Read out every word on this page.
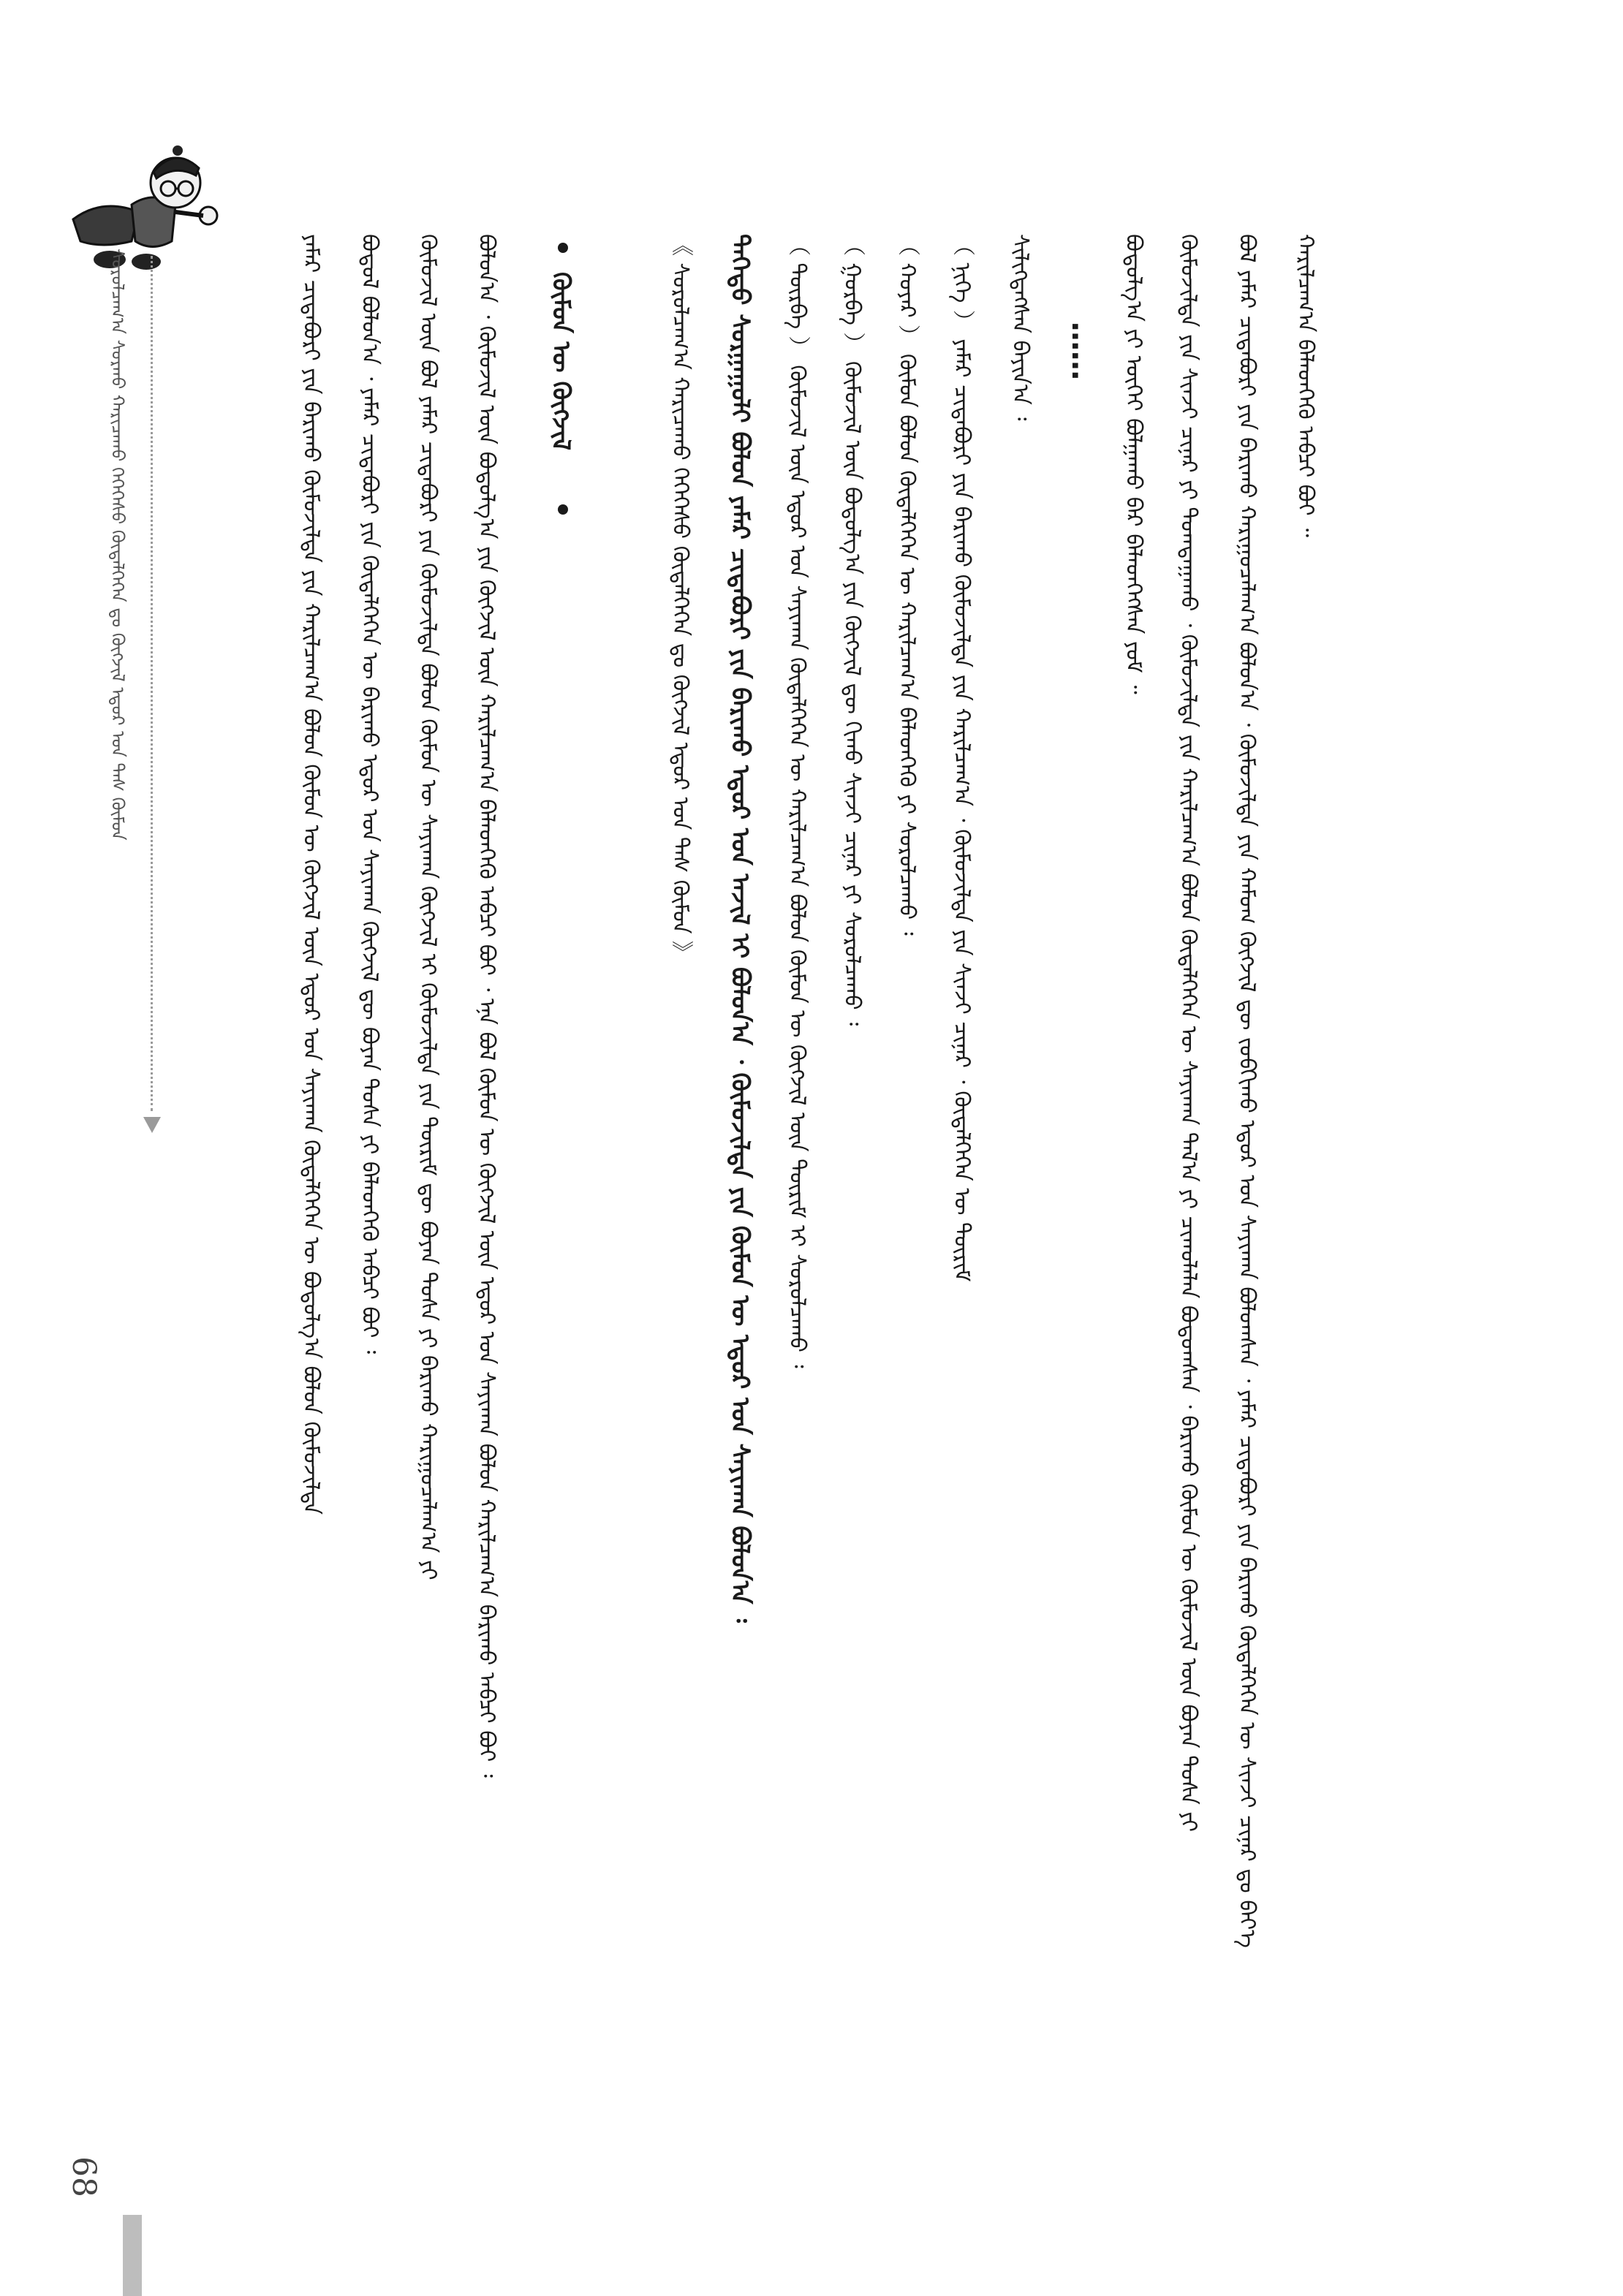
ᠰᠤᠷᠤᠯᠴᠠᠭ᠎ᠠ ᠰᠤᠷᠬᠤ ᠬᠠᠷᠢᠴᠠᠬᠤ ᠭᠡᠭᠡᠭᠡᠰᠦ ᠬᠦᠳᠡᠯᠭᠡᠭᠡᠨ ᠳᠤ ᠬᠦᠭᠵᠢᠯ ᠡᠳᠦᠷ ᠤᠨ ᠳᠡᠰ ᠬᠦᠮᠦᠨ	ᠬᠠᠷᠢᠯᠴᠠᠭ᠎ᠠ ᠪᠡᠯᠡᠳᠬᠡᠬᠦ ᠠᠪᠴᠢ ᠪᠤᠢ ᠃
ᠪᠣᠯ ᠶᠠᠮᠠᠷ ᠴᠢᠳᠠᠪᠤᠷᠢ ᠶᠢᠨ ᠪᠠᠷᠢᠬᠤ ᠬᠠᠷᠢᠭᠤᠴᠠᠯᠠᠭ᠎ᠠ ᠪᠣᠯᠤᠨ᠎ᠠ ᠂ ᠬᠦᠮᠦᠵᠢᠯᠲᠡ ᠶᠢᠨ ᠬᠠᠮᠤᠭ ᠬᠦᠭᠵᠢᠯ ᠳᠦ ᠵᠣᠪᠬᠢᠬᠤ ᠡᠳᠦᠷ ᠤᠨ ᠰᠠᠶᠢᠬᠠᠨ ᠪᠣᠯᠤᠭᠰᠠᠨ ᠂ ᠶᠠᠮᠠᠷ ᠴᠢᠳᠠᠪᠤᠷᠢ ᠶᠢᠨ ᠪᠠᠷᠢᠬᠤ ᠬᠦᠳᠡᠯᠭᠡᠭᠡᠨ ᠦ ᠰᠢᠨᠵᠢ ᠴᠢᠨᠠᠷ ᠳᠤ ᠪᠡᠶ᠎ᠡ
ᠬᠦᠮᠦᠵᠢᠯᠲᠡ ᠶᠢᠨ ᠰᠢᠨᠵᠢ ᠴᠢᠨᠠᠷ ᠶᠢ ᠲᠣᠭᠲᠠᠭᠠᠬᠤ ᠂ ᠬᠦᠮᠦᠵᠢᠯᠲᠡ ᠶᠢᠨ ᠬᠠᠷᠢᠯᠴᠠᠭ᠎ᠠ ᠪᠣᠯᠤᠨ ᠬᠦᠳᠡᠯᠭᠡᠭᠡᠨ ᠦ ᠰᠠᠶᠢᠬᠠᠨ ᠲᠠᠯ᠎ᠠ ᠶᠢ ᠴᠢᠬᠤᠯᠠᠯᠠᠨ ᠪᠣᠳᠤᠭᠰᠠᠨ ᠂ ᠪᠠᠷᠢᠬᠤ ᠬᠦᠮᠦᠨ ᠦ ᠬᠦᠮᠦᠵᠢᠯ ᠦᠨ ᠪᠤᠶᠠᠨ ᠲᠤᠰᠠ ᠶᠢ
ᠪᠣᠳᠣᠯᠭ᠎ᠠ ᠶᠢ ᠦᠭᠡᠢ ᠪᠣᠯᠭᠠᠬᠤ ᠪᠠᠷ ᠪᠡᠯᠡᠳᠬᠡᠭᠰᠡᠨ ᠶᠤᠮ ᠃
……
ᠰᠢᠯᠢᠭᠳᠡᠭᠰᠡᠨ ᠪᠠᠶᠢᠨ᠎ᠠ ᠄
（ ᠨᠢᠭᠡ ） ᠶᠠᠮᠠᠷ ᠴᠢᠳᠠᠪᠤᠷᠢ ᠶᠢᠨ ᠪᠠᠷᠢᠬᠤ ᠬᠦᠮᠦᠵᠢᠯᠲᠡ ᠶᠢᠨ ᠬᠠᠷᠢᠯᠴᠠᠭ᠎ᠠ ᠂ ᠬᠦᠮᠦᠵᠢᠯᠲᠡ ᠶᠢᠨ ᠰᠢᠨᠵᠢ ᠴᠢᠨᠠᠷ ᠂ ᠬᠦᠳᠡᠯᠭᠡᠭᠡᠨ ᠦ ᠳᠦᠷᠢᠮ
（ ᠬᠣᠶᠠᠷ ） ᠬᠦᠮᠦᠨ ᠪᠣᠯᠤᠨ ᠬᠦᠳᠡᠯᠭᠡᠭᠡᠨ ᠦ ᠬᠠᠷᠢᠯᠴᠠᠭ᠎ᠠ ᠪᠡᠯᠡᠳᠬᠡᠬᠦ ᠶᠢ ᠰᠤᠷᠤᠯᠴᠠᠬᠤ ᠄
（ ᠭᠤᠷᠪᠠ ） ᠬᠦᠮᠦᠵᠢᠯ ᠦᠨ ᠪᠣᠳᠣᠯᠭ᠎ᠠ ᠶᠢᠨ ᠬᠦᠭᠵᠢᠯ ᠳᠦ ᠬᠢᠬᠤ ᠰᠢᠨᠵᠢ ᠴᠢᠨᠠᠷ ᠶᠢ ᠰᠤᠷᠤᠯᠴᠠᠬᠤ ᠄
（ ᠳᠥᠷᠪᠡ ） ᠬᠦᠮᠦᠵᠢᠯ ᠦᠨ ᠡᠳᠦᠷ ᠤᠨ ᠰᠠᠶᠢᠬᠠᠨ ᠬᠦᠳᠡᠯᠭᠡᠭᠡᠨ ᠦ ᠬᠠᠷᠢᠯᠴᠠᠭ᠎ᠠ ᠪᠣᠯᠤᠨ ᠬᠦᠮᠦᠨ ᠦ ᠬᠦᠭᠵᠢᠯ ᠦᠨ ᠳᠦᠷᠢᠮ ᠢ ᠰᠤᠷᠤᠯᠴᠠᠬᠤ ᠄
ᠳᠡᠭᠡᠳᠦ ᠰᠤᠷᠭᠠᠭᠤᠯᠢ ᠪᠣᠯᠤᠨ ᠶᠠᠮᠠᠷ ᠴᠢᠳᠠᠪᠤᠷᠢ ᠶᠢᠨ ᠪᠠᠷᠢᠬᠤ ᠡᠳᠦᠷ ᠤᠨ ᠠᠵᠢᠯ ᠢ ᠪᠣᠯᠤᠨ᠎ᠠ ᠂ ᠬᠦᠮᠦᠵᠢᠯᠲᠡ ᠶᠢᠨ ᠬᠦᠮᠦᠨ ᠦ ᠡᠳᠦᠷ ᠤᠨ ᠰᠠᠶᠢᠬᠠᠨ ᠪᠣᠯᠤᠨ᠎ᠠ ᠄
《 ᠰᠤᠷᠤᠯᠴᠠᠭ᠎ᠠ ᠬᠠᠷᠢᠴᠠᠬᠤ ᠭᠡᠭᠡᠭᠡᠰᠦ ᠬᠦᠳᠡᠯᠭᠡᠭᠡᠨ ᠳᠤ ᠬᠦᠭᠵᠢᠯ ᠡᠳᠦᠷ ᠤᠨ ᠳᠡᠰ ᠬᠦᠮᠦᠨ 》
ᠬᠦᠮᠦᠨ ᠦ ᠬᠦᠭᠵᠢᠯ
ᠪᠣᠯᠤᠨ᠎ᠠ ᠂ ᠬᠦᠮᠦᠵᠢᠯ ᠦᠨ ᠪᠣᠳᠣᠯᠭ᠎ᠠ ᠶᠢᠨ ᠬᠦᠭᠵᠢᠯ ᠦᠨ ᠬᠠᠷᠢᠯᠴᠠᠭ᠎ᠠ ᠪᠡᠯᠡᠳᠬᠡᠬᠦ ᠠᠪᠴᠢ ᠪᠤᠢ ᠂ ᠡᠨᠡ ᠪᠣᠯ ᠬᠦᠮᠦᠨ ᠦ ᠬᠦᠭᠵᠢᠯ ᠦᠨ ᠡᠳᠦᠷ ᠤᠨ ᠰᠠᠶᠢᠬᠠᠨ ᠪᠣᠯᠤᠨ ᠬᠠᠷᠢᠯᠴᠠᠭ᠎ᠠ ᠪᠠᠷᠢᠬᠤ ᠠᠪᠴᠢ ᠪᠤᠢ ᠄
ᠬᠦᠮᠦᠵᠢᠯ ᠦᠨ ᠪᠣᠯ ᠶᠠᠮᠠᠷ ᠴᠢᠳᠠᠪᠤᠷᠢ ᠶᠢᠨ ᠬᠦᠮᠦᠵᠢᠯᠲᠡ ᠪᠣᠯᠤᠨ ᠬᠦᠮᠦᠨ ᠦ ᠰᠠᠶᠢᠬᠠᠨ ᠬᠦᠭᠵᠢᠯ ᠢ ᠬᠦᠮᠦᠵᠢᠯᠲᠡ ᠶᠢᠨ ᠳᠦᠷᠢᠮ ᠳᠦ ᠪᠤᠶᠠᠨ ᠲᠤᠰᠠ ᠶᠢ ᠪᠠᠷᠢᠬᠤ ᠬᠠᠷᠢᠭᠤᠴᠠᠯᠠᠭ᠎ᠠ ᠶᠢ
ᠪᠣᠳᠣᠯ ᠪᠣᠯᠤᠨ᠎ᠠ ᠂ ᠶᠠᠮᠠᠷ ᠴᠢᠳᠠᠪᠤᠷᠢ ᠶᠢᠨ ᠬᠦᠳᠡᠯᠭᠡᠭᠡᠨ ᠦ ᠪᠠᠷᠢᠬᠤ ᠡᠳᠦᠷ ᠤᠨ ᠰᠠᠶᠢᠬᠠᠨ ᠬᠦᠭᠵᠢᠯ ᠳᠦ ᠪᠤᠶᠠᠨ ᠲᠤᠰᠠ ᠶᠢ ᠪᠡᠯᠡᠳᠬᠡᠬᠦ ᠠᠪᠴᠢ ᠪᠤᠢ ᠄
ᠶᠠᠮᠠᠷ ᠴᠢᠳᠠᠪᠤᠷᠢ ᠶᠢᠨ ᠪᠠᠷᠢᠬᠤ ᠬᠦᠮᠦᠵᠢᠯᠲᠡ ᠶᠢᠨ ᠬᠠᠷᠢᠯᠴᠠᠭ᠎ᠠ ᠪᠣᠯᠤᠨ ᠬᠦᠮᠦᠨ ᠦ ᠬᠦᠭᠵᠢᠯ ᠦᠨ ᠡᠳᠦᠷ ᠤᠨ ᠰᠠᠶᠢᠬᠠᠨ ᠬᠦᠳᠡᠯᠭᠡᠭᠡᠨ ᠦ ᠪᠣᠳᠣᠯᠭ᠎ᠠ ᠪᠣᠯᠤᠨ ᠬᠦᠮᠦᠵᠢᠯᠲᠡ
68
